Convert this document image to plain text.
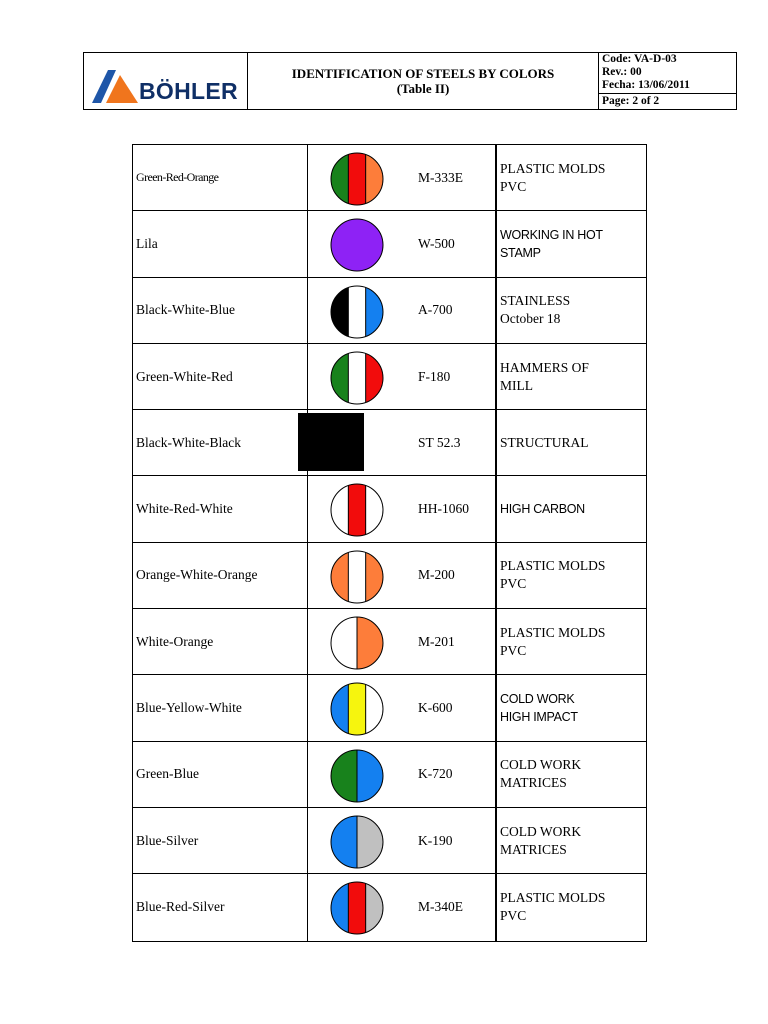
BÖHLER
IDENTIFICATION OF STEELS BY COLORS
(Table II)
Code: VA-D-03
Rev.: 00
Fecha: 13/06/2011
Page: 2 of 2
Green-Red-Orange	M-333E
PLASTIC MOLDS
PVC
Lila	W-500
WORKING IN HOT
STAMP
Black-White-Blue	A-700
STAINLESS
October 18
Green-White-Red	F-180
HAMMERS OF
MILL
Black-White-Black	ST 52.3	STRUCTURAL
White-Red-White	HH-1060 HIGH CARBON
Orange-White-Orange	M-200
PLASTIC MOLDS
PVC
White-Orange	M-201
PLASTIC MOLDS
PVC
Blue-Yellow-White	K-600
COLD WORK
HIGH IMPACT
Green-Blue	K-720
COLD WORK
MATRICES
Blue-Silver	K-190
COLD WORK
MATRICES
Blue-Red-Silver	M-340E
PLASTIC MOLDS
PVC
